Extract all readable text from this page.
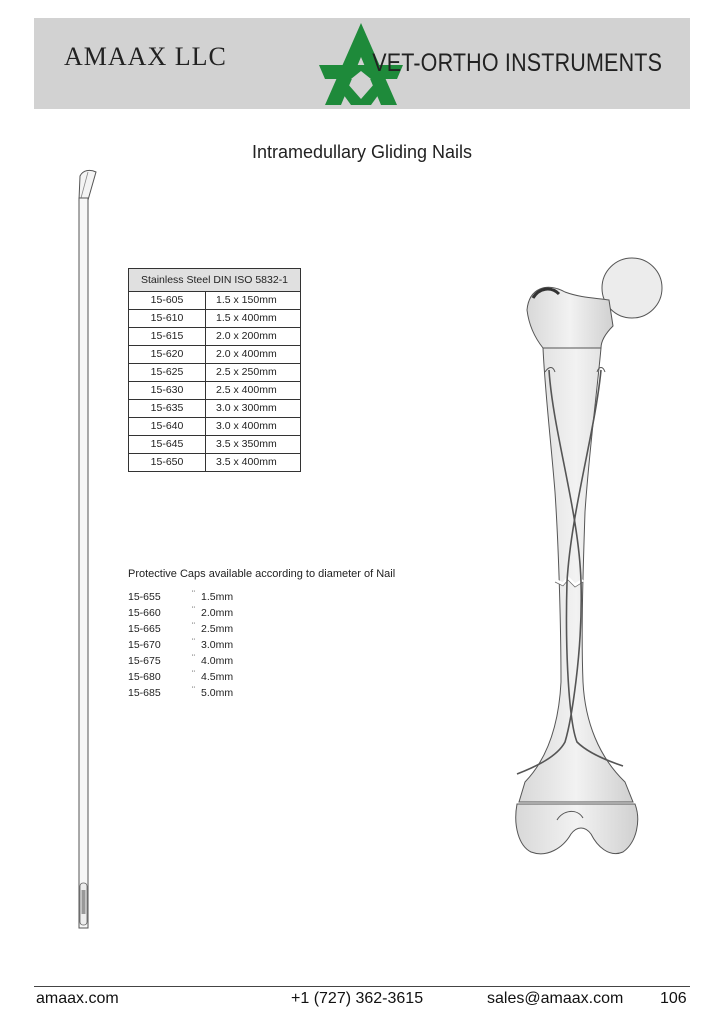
AMAAX LLC	VET-ORTHO INSTRUMENTS
Intramedullary Gliding Nails
Stainless Steel DIN ISO 5832-1	
15-605	1.5 x 150mm
15-610	1.5 x 400mm
15-615	2.0 x 200mm
15-620	2.0 x 400mm
15-625	2.5 x 250mm
15-630	2.5 x 400mm
15-635	3.0 x 300mm
15-640	3.0 x 400mm
15-645	3.5 x 350mm
15-650	3.5 x 400mm
Protective Caps available according to diameter of Nail
15-655	¨ 1.5mm
15-660	¨ 2.0mm
15-665	¨ 2.5mm
15-670	¨ 3.0mm
15-675	¨ 4.0mm
15-680	¨ 4.5mm
15-685	¨ 5.0mm
amaax.com	+1 (727) 362-3615	sales@amaax.com 106
